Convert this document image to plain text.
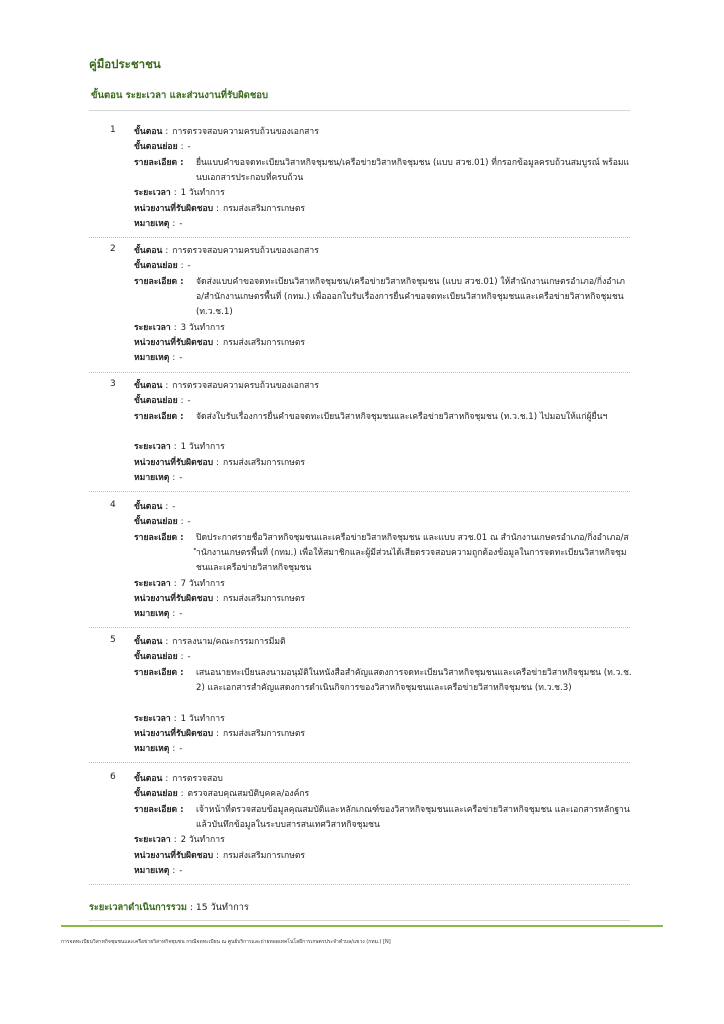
คู่มือประชาชน
ขั้นตอน ระยะเวลา และส่วนงานที่รับผิดชอบ
1 ขั้นตอน : การตรวจสอบความครบถ้วนของเอกสาร
ขั้นตอนย่อย : -
รายละเอียด : ยื่นแบบคำขอจดทะเบียนวิสาหกิจชุมชน/เครือข่ายวิสาหกิจชุมชน (แบบ สวช.01) ที่กรอกข้อมูลครบถ้วนสมบูรณ์ พร้อมแนบเอกสารประกอบที่ครบถ้วน
ระยะเวลา : 1 วันทำการ
หน่วยงานที่รับผิดชอบ : กรมส่งเสริมการเกษตร
หมายเหตุ : -
2 ขั้นตอน : การตรวจสอบความครบถ้วนของเอกสาร
ขั้นตอนย่อย : -
รายละเอียด : จัดส่งแบบคำขอจดทะเบียนวิสาหกิจชุมชน/เครือข่ายวิสาหกิจชุมชน (แบบ สวช.01) ให้สำนักงานเกษตรอำเภอ/กิ่งอำเภอ/สำนักงานเกษตรพื้นที่ (กทม.) เพื่อออกใบรับเรื่องการยื่นคำขอจดทะเบียนวิสาหกิจชุมชนและเครือข่ายวิสาหกิจชุมชน (ท.ว.ช.1)
ระยะเวลา : 3 วันทำการ
หน่วยงานที่รับผิดชอบ : กรมส่งเสริมการเกษตร
หมายเหตุ : -
3 ขั้นตอน : การตรวจสอบความครบถ้วนของเอกสาร
ขั้นตอนย่อย : -
รายละเอียด : จัดส่งใบรับเรื่องการยื่นคำขอจดทะเบียนวิสาหกิจชุมชนและเครือข่ายวิสาหกิจชุมชน (ท.ว.ช.1) ไปมอบให้แก่ผู้ยื่นฯ
ระยะเวลา : 1 วันทำการ
หน่วยงานที่รับผิดชอบ : กรมส่งเสริมการเกษตร
หมายเหตุ : -
4 ขั้นตอน : -
ขั้นตอนย่อย : -
รายละเอียด : ปิดประกาศรายชื่อวิสาหกิจชุมชนและเครือข่ายวิสาหกิจชุมชน และแบบ สวช.01 ณ สำนักงานเกษตรอำเภอ/กิ่งอำเภอ/สำนักงานเกษตรพื้นที่ (กทม.) เพื่อให้สมาชิกและผู้มีส่วนได้เสียตรวจสอบความถูกต้องข้อมูลในการจดทะเบียนวิสาหกิจชุมชนและเครือข่ายวิสาหกิจชุมชน
ระยะเวลา : 7 วันทำการ
หน่วยงานที่รับผิดชอบ : กรมส่งเสริมการเกษตร
หมายเหตุ : -
5 ขั้นตอน : การลงนาม/คณะกรรมการมีมติ
ขั้นตอนย่อย : -
รายละเอียด : เสนอนายทะเบียนลงนามอนุมัติในหนังสือสำคัญแสดงการจดทะเบียนวิสาหกิจชุมชนและเครือข่ายวิสาหกิจชุมชน (ท.ว.ช.2) และเอกสารสำคัญแสดงการดำเนินกิจการของวิสาหกิจชุมชนและเครือข่ายวิสาหกิจชุมชน (ท.ว.ช.3)
ระยะเวลา : 1 วันทำการ
หน่วยงานที่รับผิดชอบ : กรมส่งเสริมการเกษตร
หมายเหตุ : -
6 ขั้นตอน : การตรวจสอบ
ขั้นตอนย่อย : ตรวจสอบคุณสมบัติบุคคล/องค์กร
รายละเอียด : เจ้าหน้าที่ตรวจสอบข้อมูลคุณสมบัติและหลักเกณฑ์ของวิสาหกิจชุมชนและเครือข่ายวิสาหกิจชุมชน และเอกสารหลักฐาน แล้วบันทึกข้อมูลในระบบสารสนเทศวิสาหกิจชุมชน
ระยะเวลา : 2 วันทำการ
หน่วยงานที่รับผิดชอบ : กรมส่งเสริมการเกษตร
หมายเหตุ : -
ระยะเวลาดำเนินการรวม : 15 วันทำการ
การจดทะเบียนวิสาหกิจชุมชนและเครือข่ายวิสาหกิจชุมชน กรณีจดทะเบียน ณ ศูนย์บริการและถ่ายทอดเทคโนโลยีการเกษตรประจำตำบล/แขวง (กทม.) [N]
